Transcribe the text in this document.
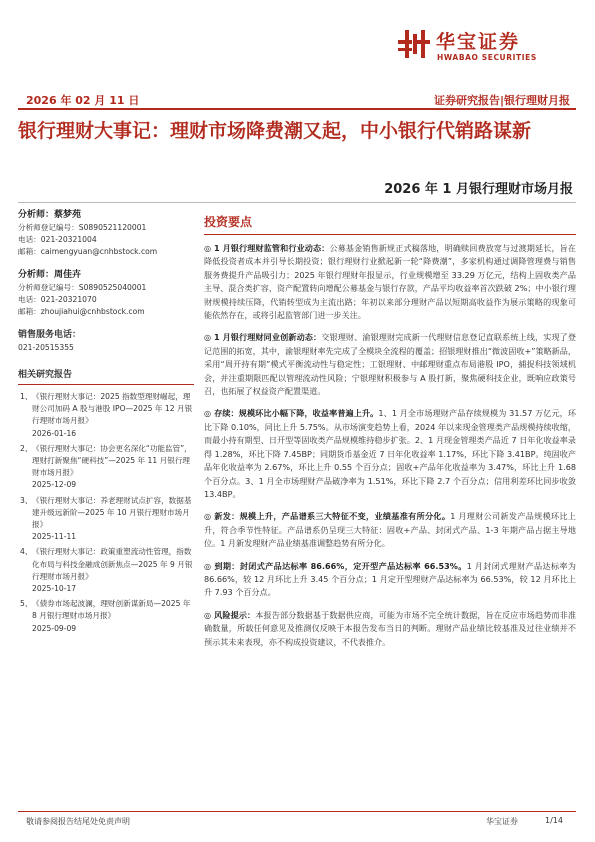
华宝证券
HWABAO SECURITIES
2026 年 02 月 11 日	证券研究报告|银行理财月报
银行理财大事记：理财市场降费潮又起，中小银行代销路谋新
2026 年 1 月银行理财市场月报
分析师：蔡梦苑
分析师登记编号：S0890521120001
电话：021-20321004
邮箱：caimengyuan@cnhbstock.com
分析师：周佳卉
分析师登记编号：S0890525040001
电话：021-20321070
邮箱：zhoujiahui@cnhbstock.com
销售服务电话：
021-20515355
相关研究报告
1、 《银行理财大事记：2025 指数型理财崛起，理财公司加码 A 股与港股 IPO—2025 年 12 月银行理财市场月报》
2026-01-16
2、 《银行理财大事记：协会更名深化“功能监管”，理财打新聚焦“硬科技”—2025 年 11 月银行理财市场月报》
2025-12-09
3、 《银行理财大事记：养老理财试点扩容，数据基建升级远新阶—2025 年 10 月银行理财市场月报》
2025-11-11
4、 《银行理财大事记：政策重塑流动性管理，指数化布局与科技金融成创新焦点—2025 年 9 月银行理财市场月报》
2025-10-17
5、 《债券市场起波澜，理财创新谋新局—2025 年 8 月银行理财市场月报》
2025-09-09
投资要点

◎ 1 月银行理财监管和行业动态：公募基金销售新规正式稿落地，明确赎回费放宽与过渡期延长，旨在降低投资者成本并引导长期投资；银行理财行业掀起新一轮“降费潮”，多家机构通过调降管理费与销售服务费提升产品吸引力；2025 年银行理财年报显示，行业规模增至 33.29 万亿元，结构上固收类产品主导、混合类扩容，资产配置转向增配公募基金与银行存款，产品平均收益率首次跌破 2%；中小银行理财规模持续压降，代销转型成为主流出路；年初以来部分理财产品以短期高收益作为展示策略的现象可能依然存在，或将引起监管部门进一步关注。

◎ 1 月银行理财同业创新动态：交银理财、渝银理财完成新一代理财信息登记直联系统上线，实现了登记范围的拓宽，其中，渝银理财率先完成了全模块全流程的覆盖；招银理财推出“微波固收+”策略新品，采用“周开持有期”模式平衡流动性与稳定性；工银理财、中邮理财重点布局港股 IPO，捕捉科技领域机会，并注重期限匹配以管理流动性风险；宁银理财积极参与 A 股打新，聚焦硬科技企业，既响应政策号召，也拓展了权益资产配置渠道。

◎ 存续：规模环比小幅下降，收益率普遍上升。1、1 月全市场理财产品存续规模为 31.57 万亿元，环比下降 0.10%，同比上升 5.75%。从市场演变趋势上看，2024 年以来现金管理类产品规模持续收缩，而最小持有期型、日开型等固收类产品规模维持稳步扩张。2、1 月现金管理类产品近 7 日年化收益率录得 1.28%，环比下降 7.45BP；同期货币基金近 7 日年化收益率 1.17%，环比下降 3.41BP。纯固收产品年化收益率为 2.67%，环比上升 0.55 个百分点；固收+产品年化收益率为 3.47%，环比上升 1.68 个百分点。3、1 月全市场理财产品破净率为 1.51%，环比下降 2.7 个百分点；信用利差环比同步收敛 13.4BP。

◎ 新发：规模上升，产品谱系三大特征不变，业绩基准有所分化。1 月理财公司新发产品规模环比上升，符合季节性特征。产品谱系仍呈现三大特征：固收+产品、封闭式产品、1-3 年期产品占据主导地位。1 月新发理财产品业绩基准调整趋势有所分化。

◎ 到期：封闭式产品达标率 86.66%，定开型产品达标率 66.53%。1 月封闭式理财产品达标率为 86.66%，较 12 月环比上升 3.45 个百分点；1 月定开型理财产品达标率为 66.53%，较 12 月环比上升 7.93 个百分点。

◎ 风险提示：本报告部分数据基于数据供应商，可能为市场不完全统计数据，旨在反应市场趋势而非准确数量，所载任何意见及推测仅反映于本报告发布当日的判断。理财产品业绩比较基准及过往业绩并不预示其未来表现，亦不构成投资建议，不代表推介。

敬请参阅报告结尾处免责声明	华宝证券	1/14
